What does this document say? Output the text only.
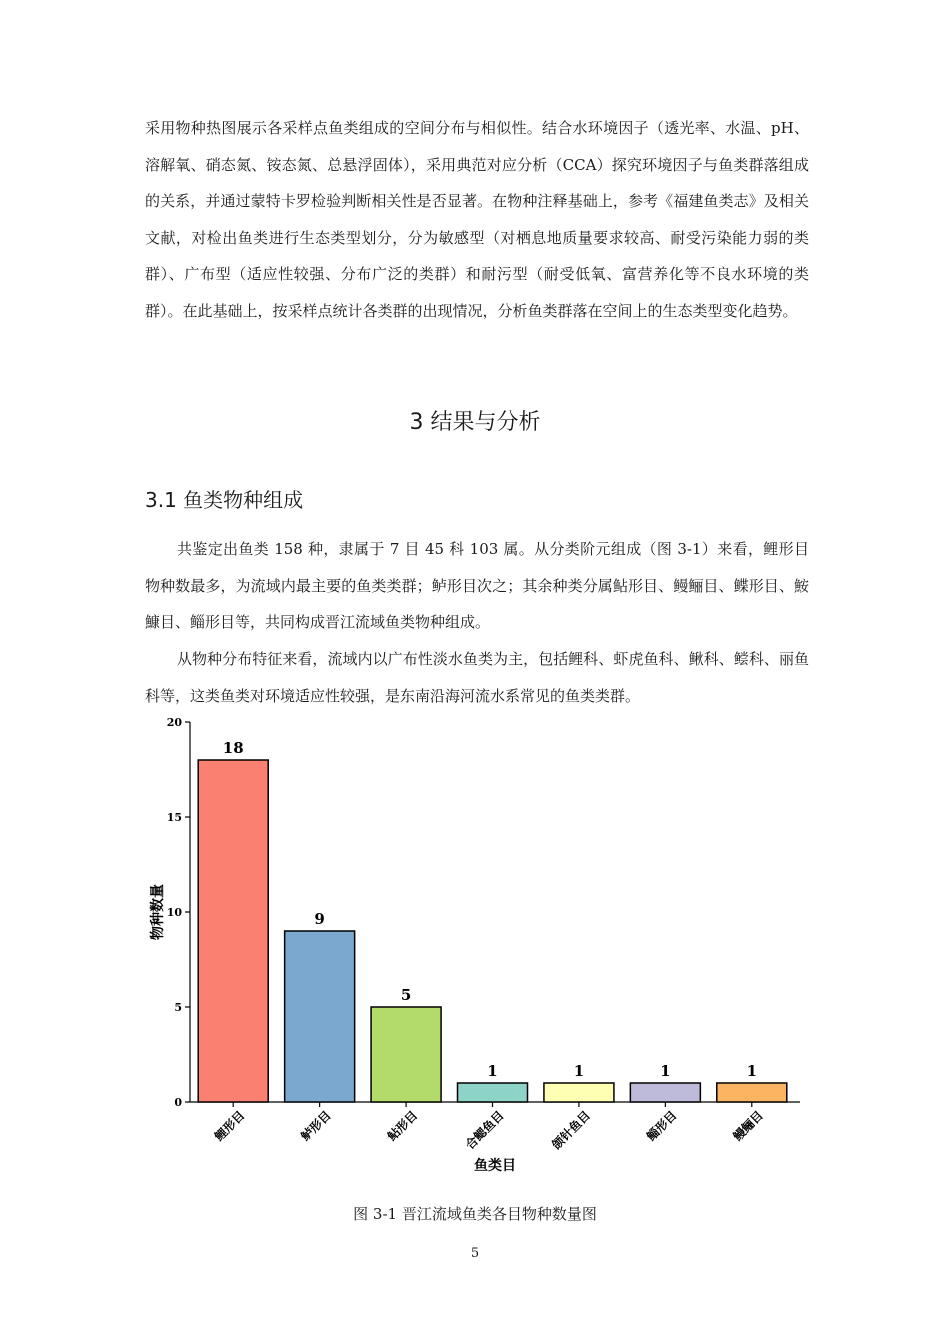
采用物种热图展示各采样点鱼类组成的空间分布与相似性。结合水环境因子（透光率、水温、pH、溶解氧、硝态氮、铵态氮、总悬浮固体），采用典范对应分析（CCA）探究环境因子与鱼类群落组成的关系，并通过蒙特卡罗检验判断相关性是否显著。在物种注释基础上，参考《福建鱼类志》及相关文献，对检出鱼类进行生态类型划分，分为敏感型（对栖息地质量要求较高、耐受污染能力弱的类群）、广布型（适应性较强、分布广泛的类群）和耐污型（耐受低氧、富营养化等不良水环境的类群）。在此基础上，按采样点统计各类群的出现情况，分析鱼类群落在空间上的生态类型变化趋势。

3 结果与分析
3.1 鱼类物种组成

共鉴定出鱼类 158 种，隶属于 7 目 45 科 103 属。从分类阶元组成（图 3-1）来看，鲤形目物种数最多，为流域内最主要的鱼类类群；鲈形目次之；其余种类分属鲇形目、鳗鲡目、鲽形目、鮟鱇目、鲻形目等，共同构成晋江流域鱼类物种组成。

从物种分布特征来看，流域内以广布性淡水鱼类为主，包括鲤科、虾虎鱼科、鳅科、鲿科、丽鱼科等，这类鱼类对环境适应性较强，是东南沿海河流水系常见的鱼类类群。

0
5
10
15
20
18
9
5
1	1	1	1
鲤形目	鲈形目	鲇形目	合鳃鱼目	颌针鱼目	鲻形目	鳗鲡目
物种数量
鱼类目
图 3-1 晋江流域鱼类各目物种数量图
5
